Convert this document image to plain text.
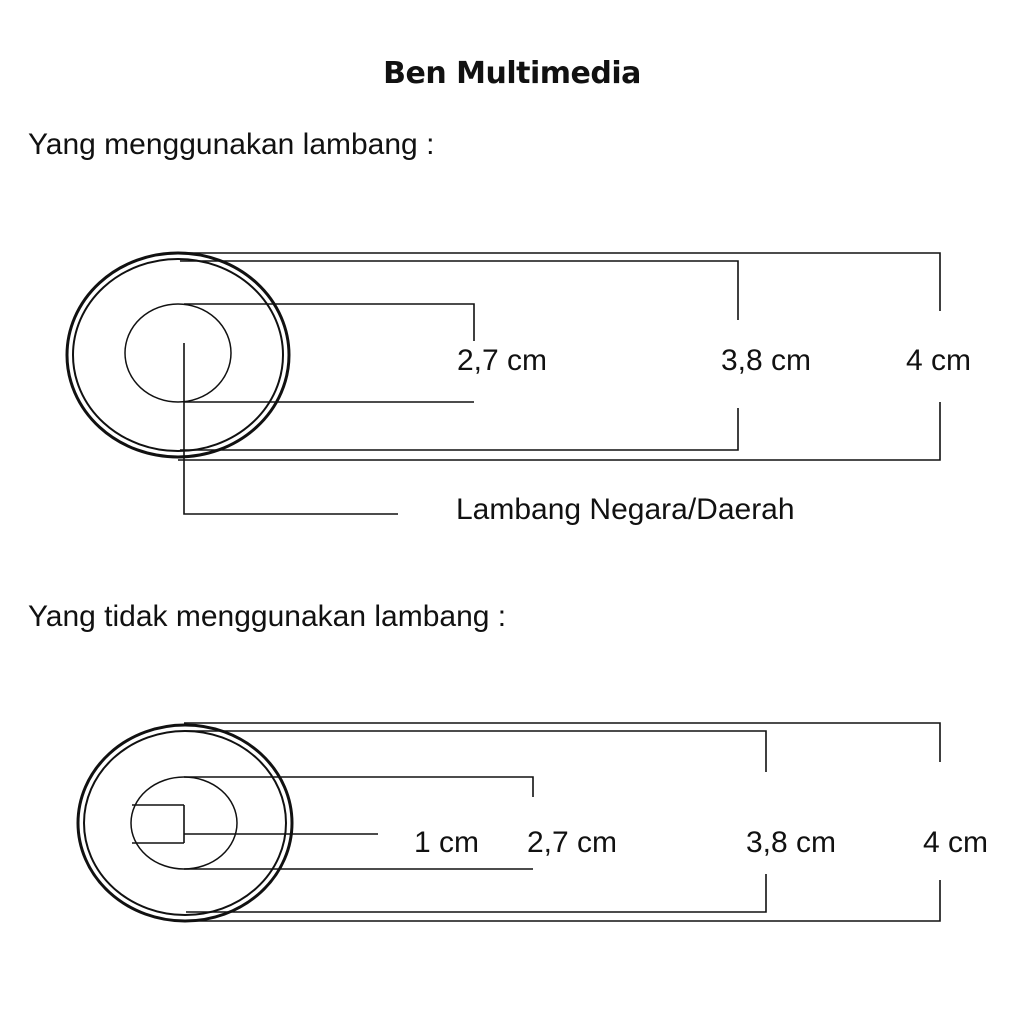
Ben Multimedia
Yang menggunakan lambang :
Yang tidak menggunakan lambang :
2,7 cm	3,8 cm	4 cm
Lambang Negara/Daerah
1 cm 2,7 cm	3,8 cm	4 cm
